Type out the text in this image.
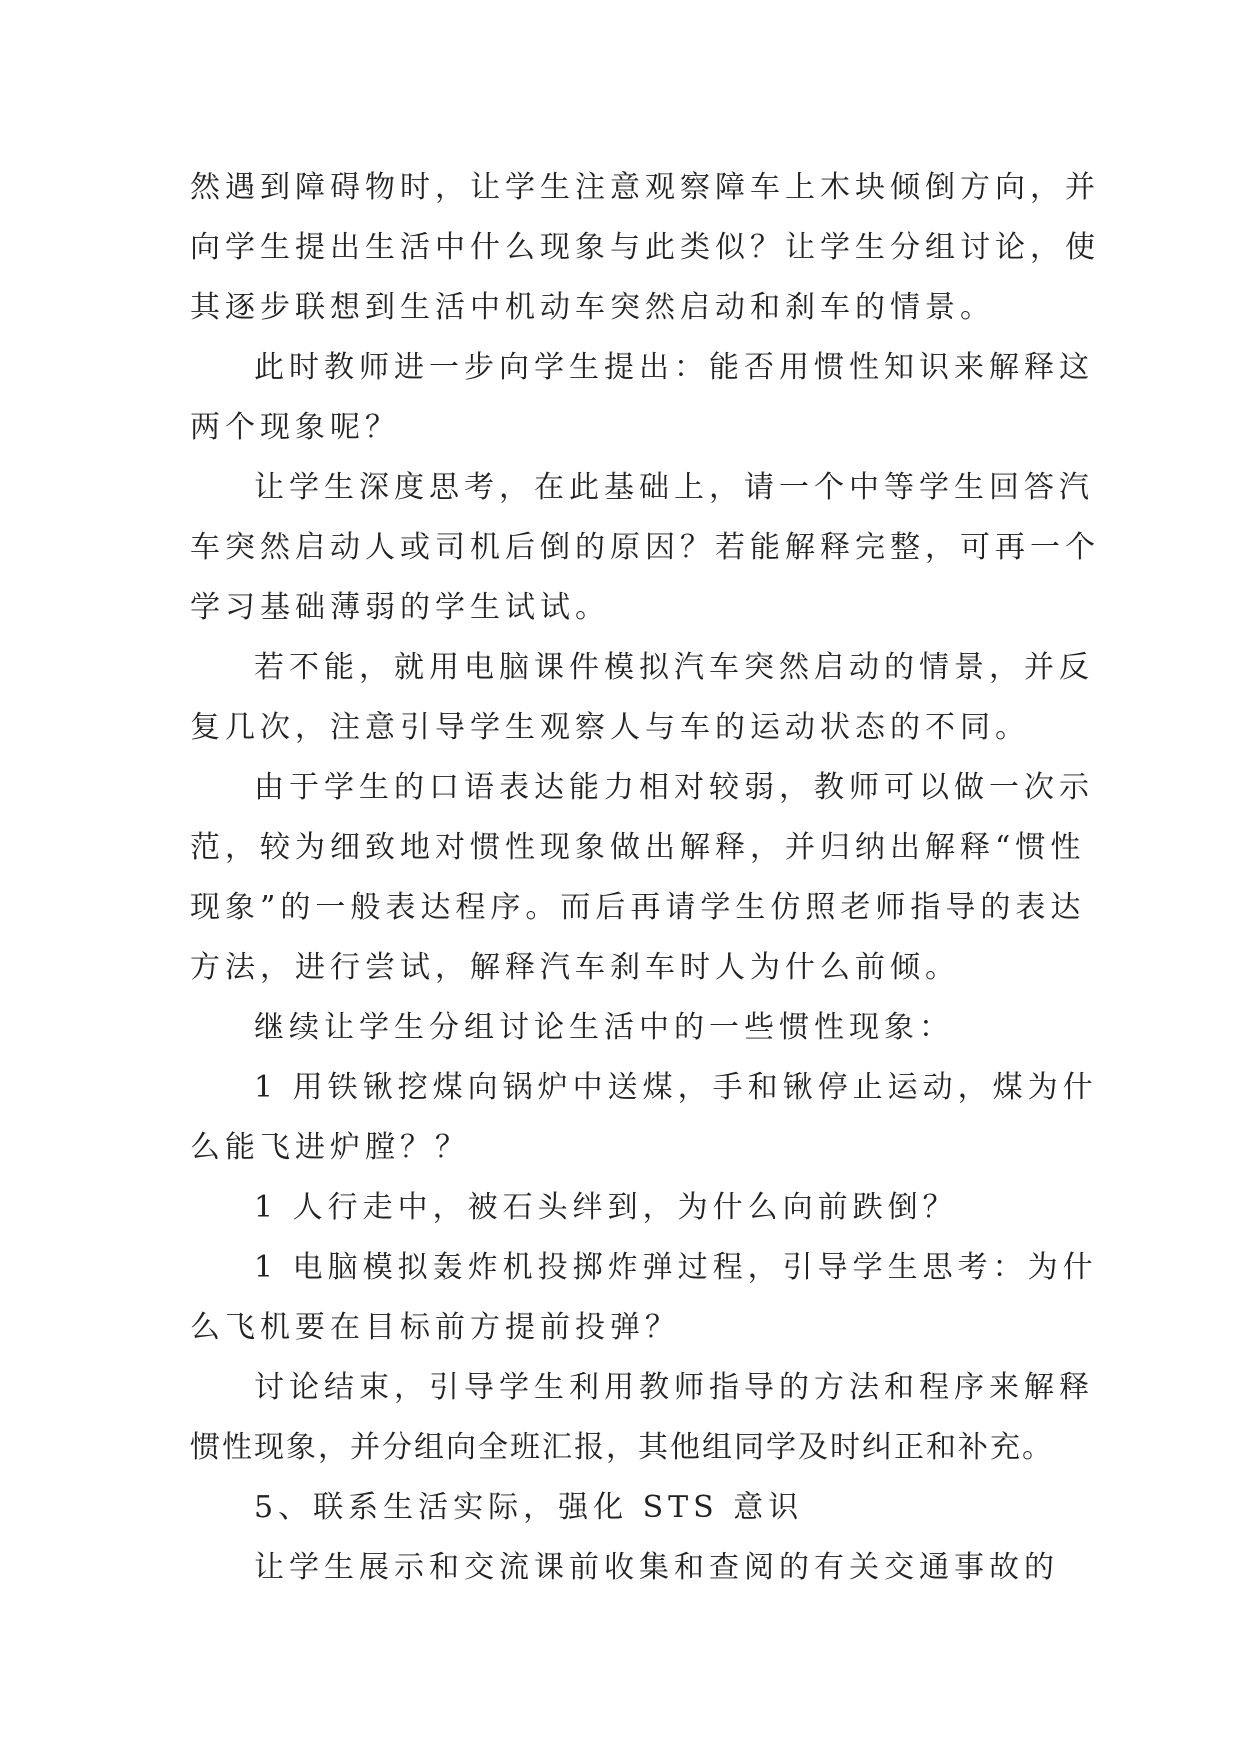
然遇到障碍物时，让学生注意观察障车上木块倾倒方向，并
向学生提出生活中什么现象与此类似？让学生分组讨论，使
其逐步联想到生活中机动车突然启动和刹车的情景。
此时教师进一步向学生提出：能否用惯性知识来解释这
两个现象呢？
让学生深度思考，在此基础上，请一个中等学生回答汽
车突然启动人或司机后倒的原因？若能解释完整，可再一个
学习基础薄弱的学生试试。
若不能，就用电脑课件模拟汽车突然启动的情景，并反
复几次，注意引导学生观察人与车的运动状态的不同。
由于学生的口语表达能力相对较弱，教师可以做一次示
范，较为细致地对惯性现象做出解释，并归纳出解释“惯性
现象”的一般表达程序。而后再请学生仿照老师指导的表达
方法，进行尝试，解释汽车刹车时人为什么前倾。
继续让学生分组讨论生活中的一些惯性现象：
1 用铁锹挖煤向锅炉中送煤，手和锹停止运动，煤为什
么能飞进炉膛？？
1 人行走中，被石头绊到，为什么向前跌倒？
1 电脑模拟轰炸机投掷炸弹过程，引导学生思考：为什
么飞机要在目标前方提前投弹？
讨论结束，引导学生利用教师指导的方法和程序来解释
惯性现象，并分组向全班汇报，其他组同学及时纠正和补充。
5、联系生活实际，强化 STS 意识
让学生展示和交流课前收集和查阅的有关交通事故的
